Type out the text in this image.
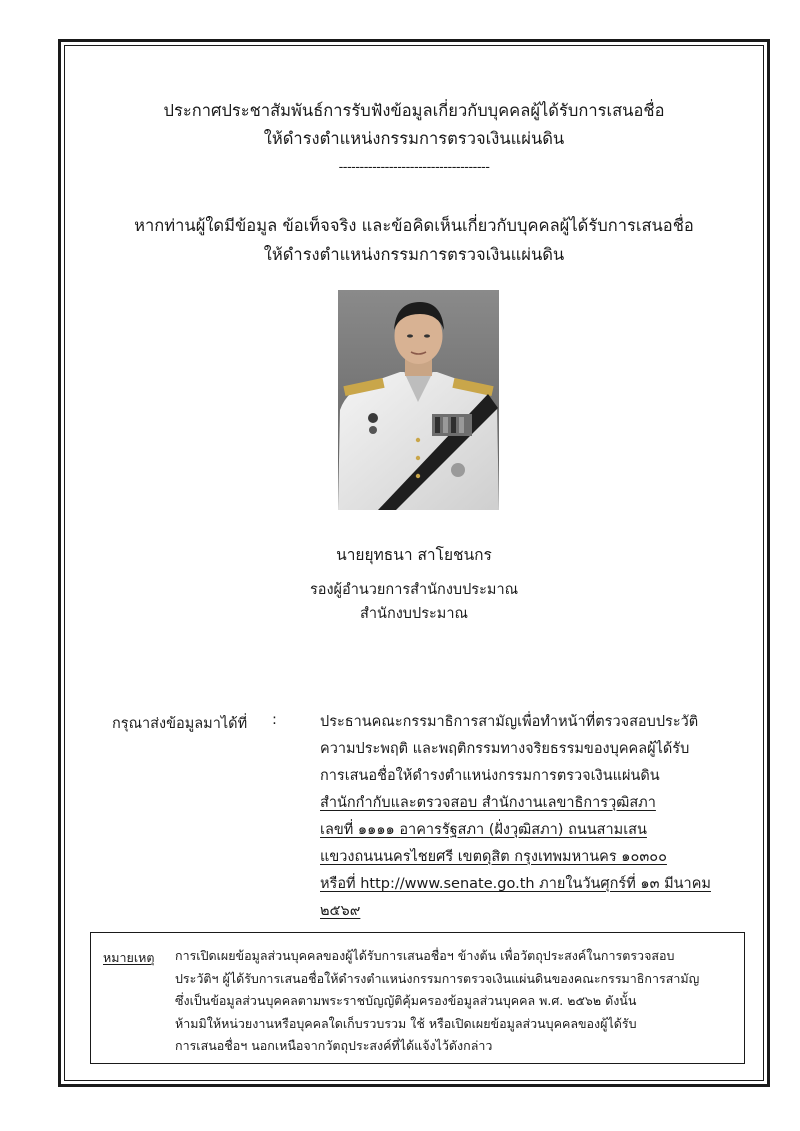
ประกาศประชาสัมพันธ์การรับฟังข้อมูลเกี่ยวกับบุคคลผู้ได้รับการเสนอชื่อ
ให้ดำรงตำแหน่งกรรมการตรวจเงินแผ่นดิน
------------------------------------
หากท่านผู้ใดมีข้อมูล ข้อเท็จจริง และข้อคิดเห็นเกี่ยวกับบุคคลผู้ได้รับการเสนอชื่อ
ให้ดำรงตำแหน่งกรรมการตรวจเงินแผ่นดิน
นายยุทธนา สาโยชนกร
รองผู้อำนวยการสำนักงบประมาณ
สำนักงบประมาณ
กรุณาส่งข้อมูลมาได้ที่ :	ประธานคณะกรรมาธิการสามัญเพื่อทำหน้าที่ตรวจสอบประวัติ
ความประพฤติ และพฤติกรรมทางจริยธรรมของบุคคลผู้ได้รับ
การเสนอชื่อให้ดำรงตำแหน่งกรรมการตรวจเงินแผ่นดิน
สำนักกำกับและตรวจสอบ สำนักงานเลขาธิการวุฒิสภา
เลขที่ ๑๑๑๑ อาคารรัฐสภา (ฝั่งวุฒิสภา) ถนนสามเสน
แขวงถนนนครไชยศรี เขตดุสิต กรุงเทพมหานคร ๑๐๓๐๐
หรือที่ http://www.senate.go.th ภายในวันศุกร์ที่ ๑๓ มีนาคม
๒๕๖๙
หมายเหตุ การเปิดเผยข้อมูลส่วนบุคคลของผู้ได้รับการเสนอชื่อฯ ข้างต้น เพื่อวัตถุประสงค์ในการตรวจสอบ
ประวัติฯ ผู้ได้รับการเสนอชื่อให้ดำรงตำแหน่งกรรมการตรวจเงินแผ่นดินของคณะกรรมาธิการสามัญ
ซึ่งเป็นข้อมูลส่วนบุคคลตามพระราชบัญญัติคุ้มครองข้อมูลส่วนบุคคล พ.ศ. ๒๕๖๒ ดังนั้น
ห้ามมิให้หน่วยงานหรือบุคคลใดเก็บรวบรวม ใช้ หรือเปิดเผยข้อมูลส่วนบุคคลของผู้ได้รับ
การเสนอชื่อฯ นอกเหนือจากวัตถุประสงค์ที่ได้แจ้งไว้ดังกล่าว
